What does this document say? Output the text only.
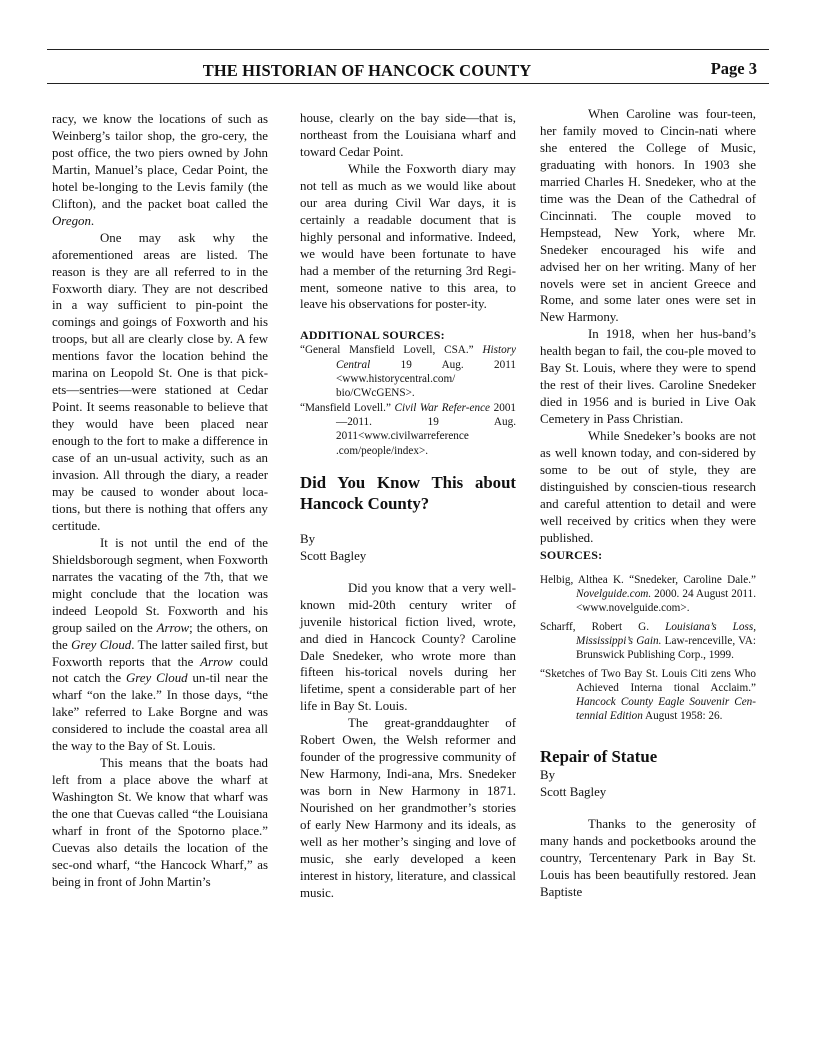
THE HISTORIAN OF HANCOCK COUNTY	Page 3

racy, we know the locations of such as Weinberg’s tailor shop, the gro-cery, the post office, the two piers owned by John Martin, Manuel’s place, Cedar Point, the hotel be-longing to the Levis family (the Clifton), and the packet boat called the Oregon.

One may ask why the aforementioned areas are listed. The reason is they are all referred to in the Foxworth diary. They are not described in a way sufficient to pin-point the comings and goings of Foxworth and his troops, but all are clearly close by. A few mentions favor the location behind the marina on Leopold St. One is that pick-ets—sentries—were stationed at Cedar Point. It seems reasonable to believe that they would have been placed near enough to the fort to make a difference in case of an un-usual activity, such as an invasion. All through the diary, a reader may be caused to wonder about loca-tions, but there is nothing that offers any certitude.

It is not until the end of the Shieldsborough segment, when Foxworth narrates the vacating of the 7th, that we might conclude that the location was indeed Leopold St. Foxworth and his group sailed on the Arrow; the others, on the Grey Cloud. The latter sailed first, but Foxworth reports that the Arrow could not catch the Grey Cloud un-til near the wharf “on the lake.” In those days, “the lake” referred to Lake Borgne and was considered to include the coastal area all the way to the Bay of St. Louis.

This means that the boats had left from a place above the wharf at Washington St. We know that wharf was the one that Cuevas called “the Louisiana wharf in front of the Spotorno place.” Cuevas also details the location of the sec-ond wharf, “the Hancock Wharf,” as being in front of John Martin’s

house, clearly on the bay side—that is, northeast from the Louisiana wharf and toward Cedar Point.

While the Foxworth diary may not tell as much as we would like about our area during Civil War days, it is certainly a readable document that is highly personal and informative. Indeed, we would have been fortunate to have had a member of the returning 3rd Regi-ment, someone native to this area, to leave his observations for poster-ity.

ADDITIONAL SOURCES:

“General Mansfield Lovell, CSA.” History Central 19 Aug. 2011 <www.historycentral.com/ bio/CWcGENS>.

“Mansfield Lovell.” Civil War Refer-ence 2001—2011. 19 Aug. 2011<www.civilwarreference .com/people/index>.

Did You Know This about Hancock County?

By

Scott Bagley

Did you know that a very well-known mid-20th century writer of juvenile historical fiction lived, wrote, and died in Hancock County? Caroline Dale Snedeker, who wrote more than fifteen his-torical novels during her lifetime, spent a considerable part of her life in Bay St. Louis.

The great-granddaughter of Robert Owen, the Welsh reformer and founder of the progressive community of New Harmony, Indi-ana, Mrs. Snedeker was born in New Harmony in 1871. Nourished on her grandmother’s stories of early New Harmony and its ideals, as well as her mother’s singing and love of music, she early developed a keen interest in history, literature, and classical music.

When Caroline was four-teen, her family moved to Cincin-nati where she entered the College of Music, graduating with honors. In 1903 she married Charles H. Snedeker, who at the time was the Dean of the Cathedral of Cincinnati. The couple moved to Hempstead, New York, where Mr. Snedeker encouraged his wife and advised her on her writing. Many of her novels were set in ancient Greece and Rome, and some later ones were set in New Harmony.

In 1918, when her hus-band’s health began to fail, the cou-ple moved to Bay St. Louis, where they were to spend the rest of their lives. Caroline Snedeker died in 1956 and is buried in Live Oak Cemetery in Pass Christian.

While Snedeker’s books are not as well known today, and con-sidered by some to be out of style, they are distinguished by conscien-tious research and careful attention to detail and were well received by critics when they were published.

SOURCES:

Helbig, Althea K. “Snedeker, Caroline Dale.” Novelguide.com. 2000. 24 August 2011. <www.novelguide.com>.

Scharff, Robert G. Louisiana’s Loss, Mississippi’s Gain. Law-renceville, VA: Brunswick Publishing Corp., 1999.

“Sketches of Two Bay St. Louis Citi zens Who Achieved Interna tional Acclaim.” Hancock County Eagle Souvenir Cen-tennial Edition August 1958: 26.

Repair of Statue

By

Scott Bagley

Thanks to the generosity of many hands and pocketbooks around the country, Tercentenary Park in Bay St. Louis has been beautifully restored. Jean Baptiste
